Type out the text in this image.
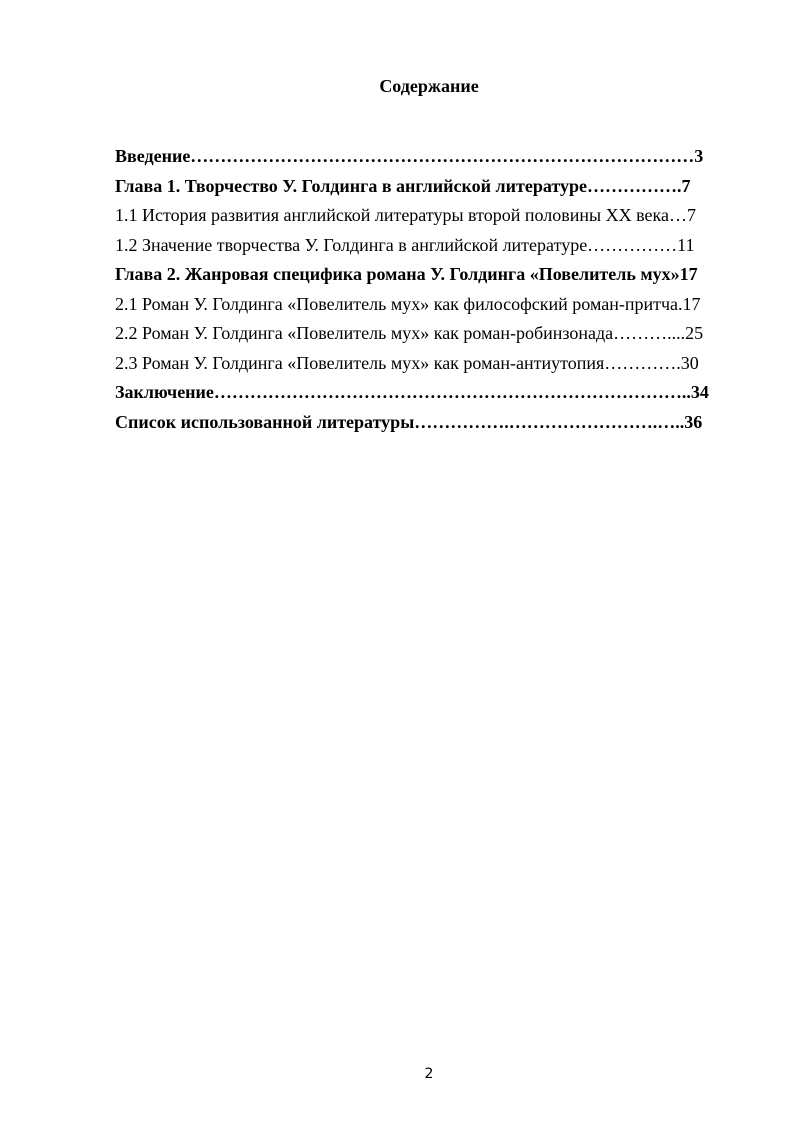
Содержание
Введение…………………………………………………………………………3
Глава 1. Творчество У. Голдинга в английской литературе…………….7
1.1 История развития английской литературы второй половины XX века…7
1.2 Значение творчества У. Голдинга в английской литературе……………11
Глава 2. Жанровая специфика романа У. Голдинга «Повелитель мух»17
2.1 Роман У. Голдинга «Повелитель мух» как философский роман-притча.17
2.2 Роман У. Голдинга «Повелитель мух» как роман-робинзонада………....25
2.3 Роман У. Голдинга «Повелитель мух» как роман-антиутопия………….30
Заключение……………………………………………………………………..34
Список использованной литературы…………….…………………….…..36
2
